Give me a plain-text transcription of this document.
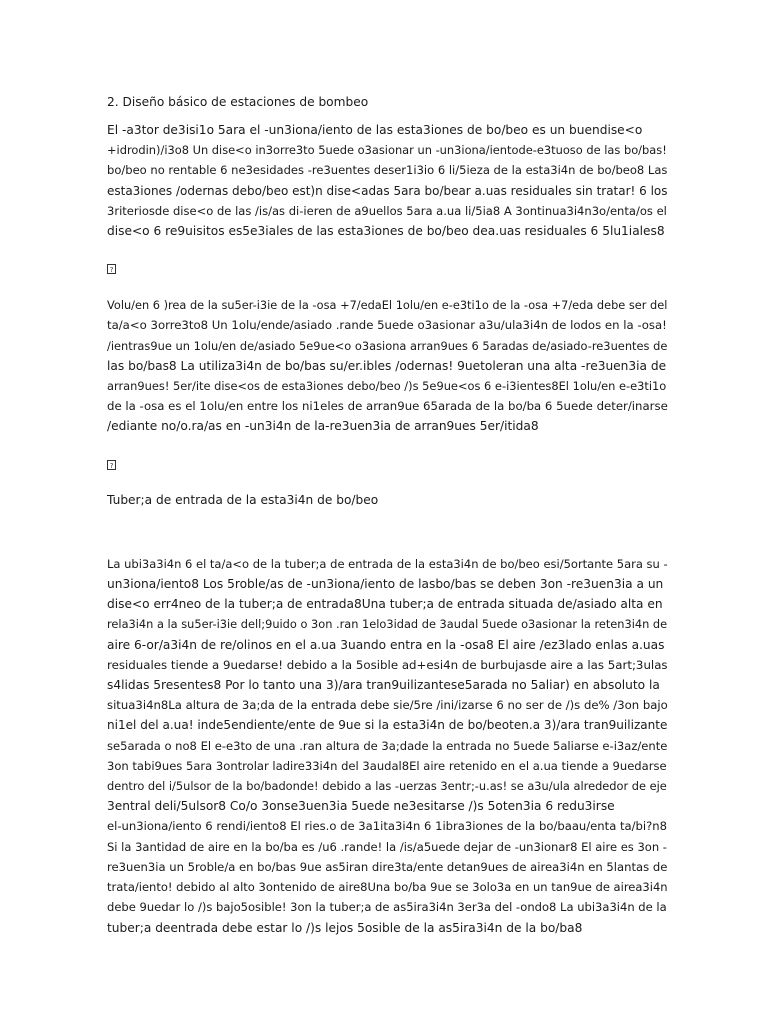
2. Diseño básico de estaciones de bombeo

El -a3tor de3isi1o 5ara el -un3iona/iento de las esta3iones de bo/beo es un buendise<o

+idrodin)/i3o8 Un dise<o in3orre3to 5uede o3asionar un -un3iona/ientode-e3tuoso de las bo/bas!

bo/beo no rentable 6 ne3esidades -re3uentes deser1i3io 6 li/5ieza de la esta3i4n de bo/beo8 Las

esta3iones /odernas debo/beo est)n dise<adas 5ara bo/bear a.uas residuales sin tratar! 6 los

3riteriosde dise<o de las /is/as di-ieren de a9uellos 5ara a.ua li/5ia8 A 3ontinua3i4n3o/enta/os el

dise<o 6 re9uisitos es5e3iales de las esta3iones de bo/beo dea.uas residuales 6 5lu1iales8

?

Volu/en 6 )rea de la su5er-i3ie de la -osa +7/edaEl 1olu/en e-e3ti1o de la -osa +7/eda debe ser del

ta/a<o 3orre3to8 Un 1olu/ende/asiado .rande 5uede o3asionar a3u/ula3i4n de lodos en la -osa!

/ientras9ue un 1olu/en de/asiado 5e9ue<o o3asiona arran9ues 6 5aradas de/asiado-re3uentes de

las bo/bas8 La utiliza3i4n de bo/bas su/er.ibles /odernas! 9uetoleran una alta -re3uen3ia de

arran9ues! 5er/ite dise<os de esta3iones debo/beo /)s 5e9ue<os 6 e-i3ientes8El 1olu/en e-e3ti1o

de la -osa es el 1olu/en entre los ni1eles de arran9ue 65arada de la bo/ba 6 5uede deter/inarse

/ediante no/o.ra/as en -un3i4n de la-re3uen3ia de arran9ues 5er/itida8

?

Tuber;a de entrada de la esta3i4n de bo/beo

La ubi3a3i4n 6 el ta/a<o de la tuber;a de entrada de la esta3i4n de bo/beo esi/5ortante 5ara su -

un3iona/iento8 Los 5roble/as de -un3iona/iento de lasbo/bas se deben 3on -re3uen3ia a un

dise<o err4neo de la tuber;a de entrada8Una tuber;a de entrada situada de/asiado alta en

rela3i4n a la su5er-i3ie dell;9uido o 3on .ran 1elo3idad de 3audal 5uede o3asionar la reten3i4n de

aire 6-or/a3i4n de re/olinos en el a.ua 3uando entra en la -osa8 El aire /ez3lado enlas a.uas

residuales tiende a 9uedarse! debido a la 5osible ad+esi4n de burbujasde aire a las 5art;3ulas

s4lidas 5resentes8 Por lo tanto una 3)/ara tran9uilizantese5arada no 5aliar) en absoluto la

situa3i4n8La altura de 3a;da de la entrada debe sie/5re /ini/izarse 6 no ser de /)s de% /3on bajo

ni1el del a.ua! inde5endiente/ente de 9ue si la esta3i4n de bo/beoten.a 3)/ara tran9uilizante

se5arada o no8 El e-e3to de una .ran altura de 3a;dade la entrada no 5uede 5aliarse e-i3az/ente

3on tabi9ues 5ara 3ontrolar ladire33i4n del 3audal8El aire retenido en el a.ua tiende a 9uedarse

dentro del i/5ulsor de la bo/badonde! debido a las -uerzas 3entr;-u.as! se a3u/ula alrededor de eje

3entral deli/5ulsor8 Co/o 3onse3uen3ia 5uede ne3esitarse /)s 5oten3ia 6 redu3irse

el-un3iona/iento 6 rendi/iento8 El ries.o de 3a1ita3i4n 6 1ibra3iones de la bo/baau/enta ta/bi?n8

Si la 3antidad de aire en la bo/ba es /u6 .rande! la /is/a5uede dejar de -un3ionar8 El aire es 3on -

re3uen3ia un 5roble/a en bo/bas 9ue as5iran dire3ta/ente detan9ues de airea3i4n en 5lantas de

trata/iento! debido al alto 3ontenido de aire8Una bo/ba 9ue se 3olo3a en un tan9ue de airea3i4n

debe 9uedar lo /)s bajo5osible! 3on la tuber;a de as5ira3i4n 3er3a del -ondo8 La ubi3a3i4n de la

tuber;a deentrada debe estar lo /)s lejos 5osible de la as5ira3i4n de la bo/ba8
